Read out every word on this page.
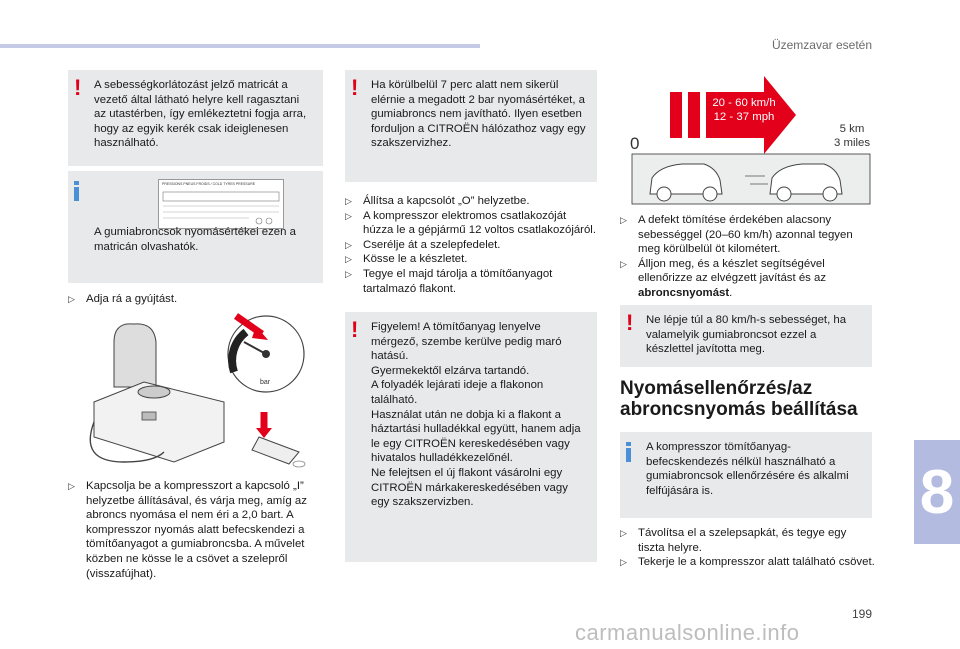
Üzemzavar esetén
8
199
! A sebességkorlátozást jelző matricát a vezető által látható helyre kell ragasztani az utastérben, így emlékeztetni fogja arra, hogy az egyik kerék csak ideiglenesen használható.
PRESSIONS PNEUS FROIDS / COLD TYRES PRESSURE
A gumiabroncsok nyomásértékei ezen a matricán olvashatók.
▷ Adja rá a gyújtást.
bar
▷ Kapcsolja be a kompresszort a kapcsoló „I” helyzetbe állításával, és várja meg, amíg az abroncs nyomása el nem éri a 2,0 bart. A kompresszor nyomás alatt befecskendezi a tömítőanyagot a gumiabroncsba. A művelet közben ne kösse le a csövet a szelepről (visszafújhat).
! Ha körülbelül 7 perc alatt nem sikerül elérnie a megadott 2 bar nyomásértéket, a gumiabroncs nem javítható. Ilyen esetben forduljon a CITROËN hálózathoz vagy egy szakszervizhez.
▷ Állítsa a kapcsolót „O” helyzetbe.
▷ A kompresszor elektromos csatlakozóját húzza le a gépjármű 12 voltos csatlakozójáról.
▷ Cserélje át a szelepfedelet.
▷ Kösse le a készletet.
▷ Tegye el majd tárolja a tömítőanyagot tartalmazó flakont.
! Figyelem! A tömítőanyag lenyelve mérgező, szembe kerülve pedig maró hatású.
Gyermekektől elzárva tartandó.
A folyadék lejárati ideje a flakonon található.
Használat után ne dobja ki a flakont a háztartási hulladékkal együtt, hanem adja le egy CITROËN kereskedésében vagy hivatalos hulladékkezelőnél.
Ne felejtsen el új flakont vásárolni egy CITROËN márkakereskedésében vagy egy szakszervizben.
20 - 60 km/h
12 - 37 mph
0
5 km
3 miles
▷ A defekt tömítése érdekében alacsony sebességgel (20–60 km/h) azonnal tegyen meg körülbelül öt kilométert.
▷ Álljon meg, és a készlet segítségével ellenőrizze az elvégzett javítást és az abroncsnyomást.
! Ne lépje túl a 80 km/h-s sebességet, ha valamelyik gumiabroncsot ezzel a készlettel javította meg.
Nyomásellenőrzés/az abroncsnyomás beállítása
A kompresszor tömítőanyag-befecskendezés nélkül használható a gumiabroncsok ellenőrzésére és alkalmi felfújására is.
▷ Távolítsa el a szelepsapkát, és tegye egy tiszta helyre.
▷ Tekerje le a kompresszor alatt található csövet.
carmanualsonline.info
